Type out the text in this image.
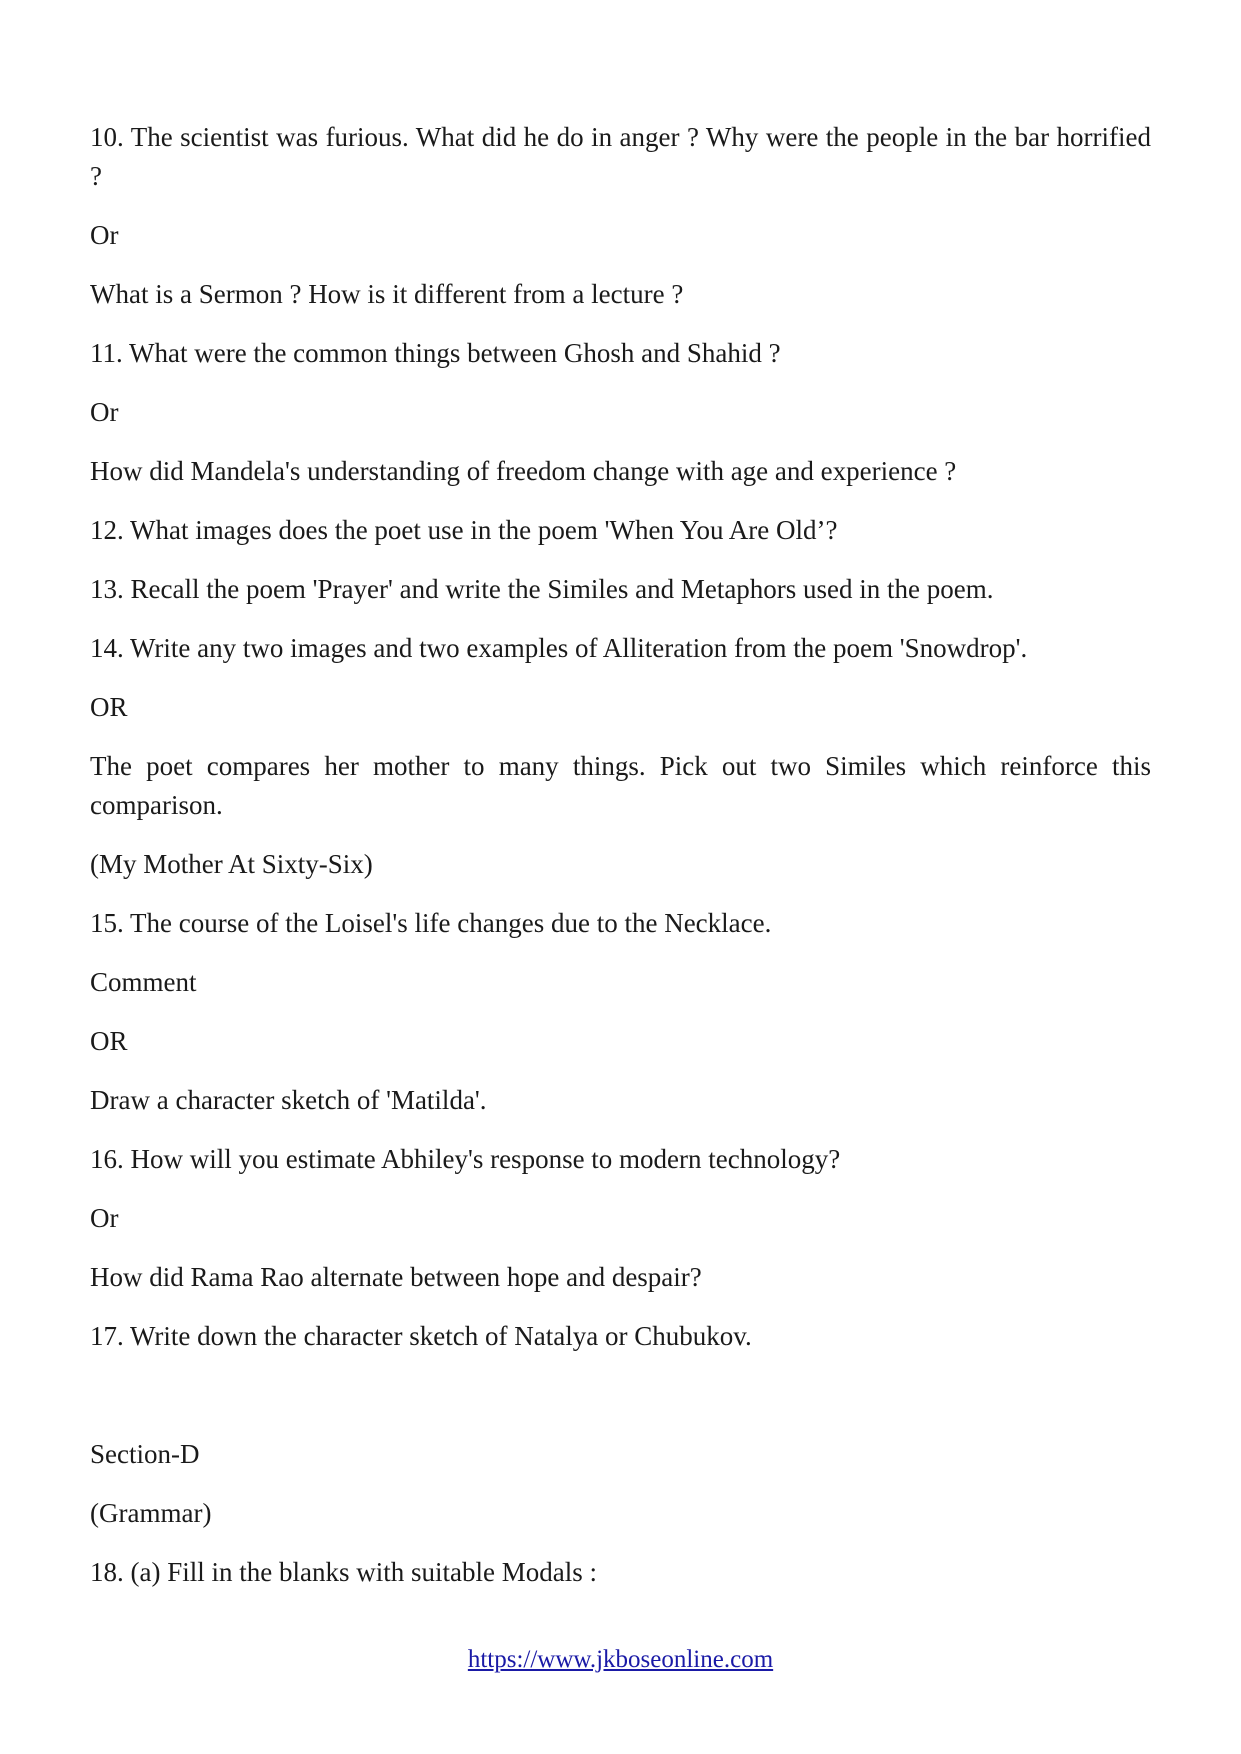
10. The scientist was furious. What did he do in anger ? Why were the people in the bar horrified ?

Or

What is a Sermon ? How is it different from a lecture ?

11. What were the common things between Ghosh and Shahid ?

Or

How did Mandela's understanding of freedom change with age and experience ?

12. What images does the poet use in the poem 'When You Are Old’?

13. Recall the poem 'Prayer' and write the Similes and Metaphors used in the poem.

14. Write any two images and two examples of Alliteration from the poem 'Snowdrop'.

OR

The poet compares her mother to many things. Pick out two Similes which reinforce this comparison.

(My Mother At Sixty-Six)

15. The course of the Loisel's life changes due to the Necklace.

Comment

OR

Draw a character sketch of 'Matilda'.

16. How will you estimate Abhiley's response to modern technology?

Or

How did Rama Rao alternate between hope and despair?

17. Write down the character sketch of Natalya or Chubukov.

Section-D

(Grammar)

18. (a) Fill in the blanks with suitable Modals :

https://www.jkboseonline.com
